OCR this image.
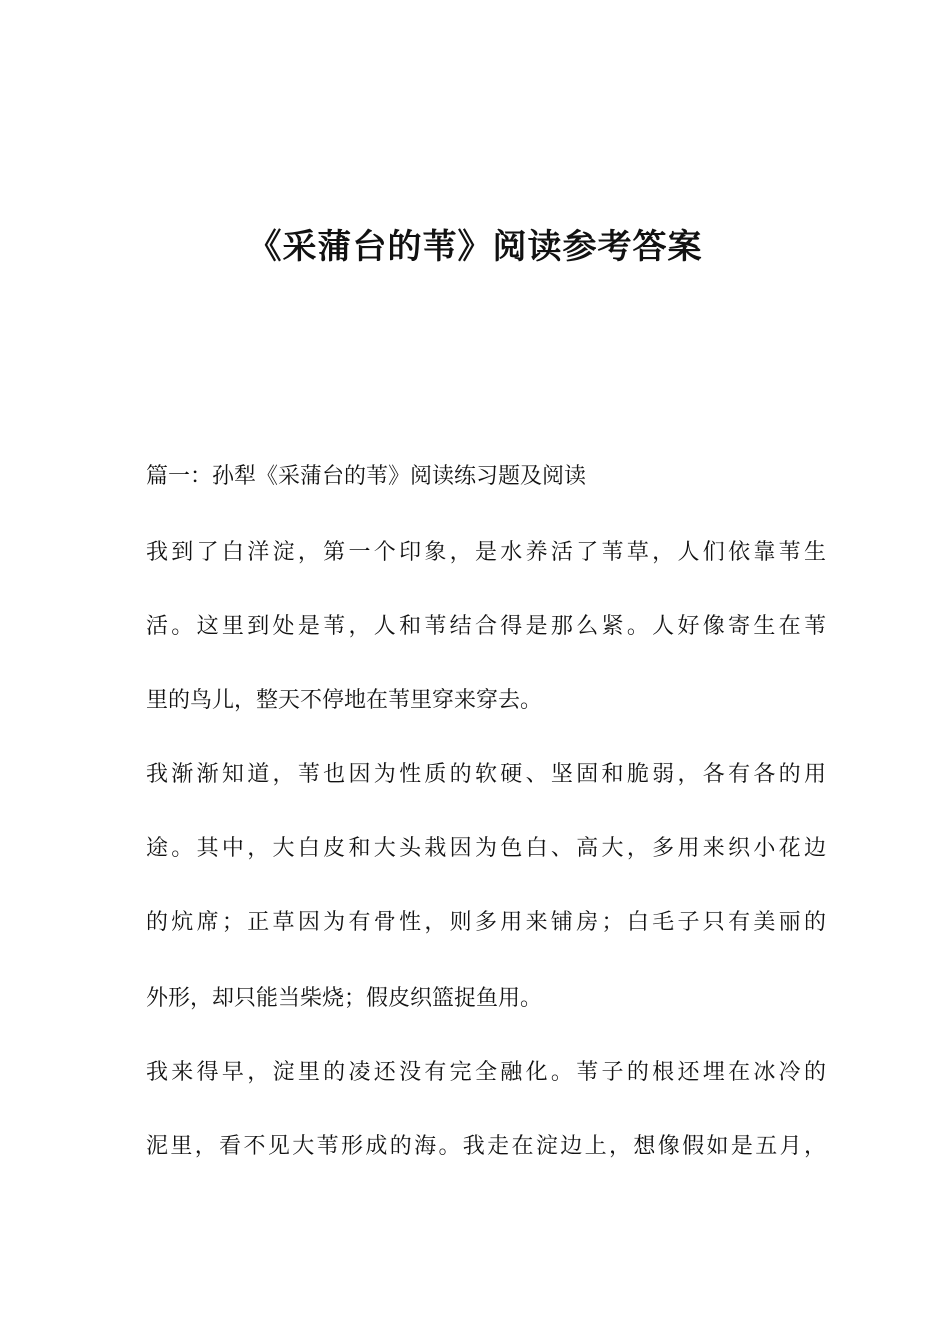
《采蒲台的苇》阅读参考答案

篇一：孙犁《采蒲台的苇》阅读练习题及阅读

我到了白洋淀，第一个印象，是水养活了苇草，人们依靠苇生

活。这里到处是苇，人和苇结合得是那么紧。人好像寄生在苇

里的鸟儿，整天不停地在苇里穿来穿去。

我渐渐知道，苇也因为性质的软硬、坚固和脆弱，各有各的用

途。其中，大白皮和大头栽因为色白、高大，多用来织小花边

的炕席；正草因为有骨性，则多用来铺房；白毛子只有美丽的

外形，却只能当柴烧；假皮织篮捉鱼用。

我来得早，淀里的凌还没有完全融化。苇子的根还埋在冰冷的

泥里，看不见大苇形成的海。我走在淀边上，想像假如是五月，
